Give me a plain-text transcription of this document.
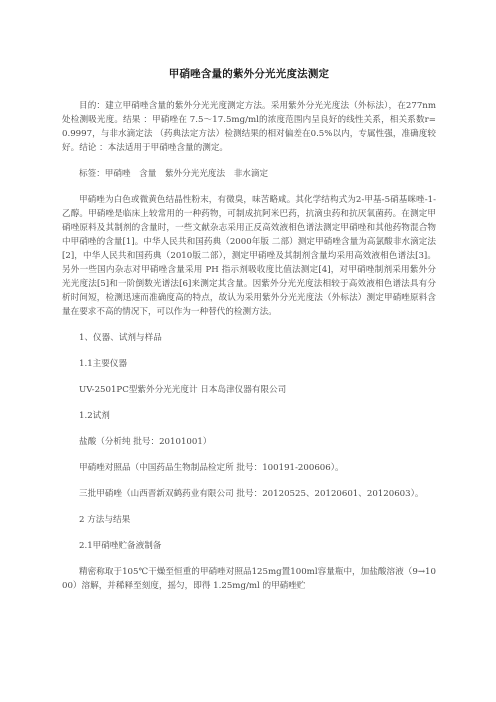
甲硝唑含量的紫外分光光度法测定

目的：建立甲硝唑含量的紫外分光光度测定方法。采用紫外分光光度法（外标法），在277nm处检测吸光度。结果 ：甲硝唑在 7.5～17.5mg/ml的浓度范围内呈良好的线性关系，相关系数r= 0.9997，与非水滴定法 （药典法定方法）检测结果的相对偏差在0.5%以内，专属性强，准确度较好。结论 ：本法适用于甲硝唑含量的测定。

标签：甲硝唑　含量　紫外分光光度法　非水滴定

甲硝唑为白色或微黄色结晶性粉末，有微臭，味苦略咸。其化学结构式为2-甲基-5硝基咪唑-1-乙醇。甲硝唑是临床上较常用的一种药物，可制成抗阿米巴药，抗滴虫药和抗厌氧菌药。在测定甲硝唑原料及其制剂的含量时，一些文献杂志采用正反高效液相色谱法测定甲硝唑和其他药物混合物中甲硝唑的含量[1]。中华人民共和国药典（2000年版 二部）测定甲硝唑含量为高氯酸非水滴定法[2]，中华人民共和国药典（2010版二部），测定甲硝唑及其制剂含量均采用高效液相色谱法[3]。另外一些国内杂志对甲硝唑含量采用 PH 指示剂吸收度比值法测定[4]，对甲硝唑制剂采用紫外分光光度法[5]和一阶倒数光谱法[6]来测定其含量。因紫外分光光度法相较于高效液相色谱法具有分析时间短，检测迅速而准确度高的特点，故认为采用紫外分光光度法（外标法）测定甲硝唑原料含量在要求不高的情况下，可以作为一种替代的检测方法。

1、仪器、试剂与样品

1.1主要仪器

UV-2501PC型紫外分光光度计 日本岛津仪器有限公司

1.2试剂

盐酸（分析纯 批号：20101001）

甲硝唑对照品（中国药品生物制品检定所 批号：100191-200606）。

三批甲硝唑（山西晋新双鹤药业有限公司 批号：20120525、20120601、20120603）。

2 方法与结果

2.1甲硝唑贮备液制备

精密称取于105℃干燥至恒重的甲硝唑对照品125mg置100ml容量瓶中，加盐酸溶液（9→1000）溶解，并稀释至刻度，摇匀，即得 1.25mg/ml 的甲硝唑贮
